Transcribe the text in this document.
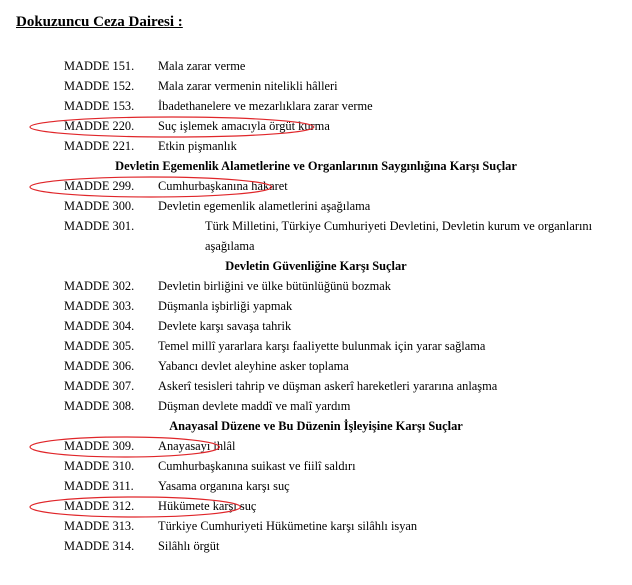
Dokuzuncu Ceza Dairesi :
MADDE 151. Mala zarar verme
MADDE 152. Mala zarar vermenin nitelikli hâlleri
MADDE 153. İbadethanelere ve mezarlıklara zarar verme
MADDE 220. Suç işlemek amacıyla örgüt kurma
MADDE 221. Etkin pişmanlık
Devletin Egemenlik Alametlerine ve Organlarının Saygınlığına Karşı Suçlar
MADDE 299. Cumhurbaşkanına hakaret
MADDE 300. Devletin egemenlik alametlerini aşağılama
MADDE 301.	Türk Milletini, Türkiye Cumhuriyeti Devletini, Devletin kurum ve organlarını
aşağılama
Devletin Güvenliğine Karşı Suçlar
MADDE 302. Devletin birliğini ve ülke bütünlüğünü bozmak
MADDE 303. Düşmanla işbirliği yapmak
MADDE 304. Devlete karşı savaşa tahrik
MADDE 305. Temel millî yararlara karşı faaliyette bulunmak için yarar sağlama
MADDE 306. Yabancı devlet aleyhine asker toplama
MADDE 307. Askerî tesisleri tahrip ve düşman askerî hareketleri yararına anlaşma
MADDE 308. Düşman devlete maddî ve malî yardım
Anayasal Düzene ve Bu Düzenin İşleyişine Karşı Suçlar
MADDE 309. Anayasayı ihlâl
MADDE 310. Cumhurbaşkanına suikast ve fiilî saldırı
MADDE 311. Yasama organına karşı suç
MADDE 312. Hükümete karşı suç
MADDE 313. Türkiye Cumhuriyeti Hükümetine karşı silâhlı isyan
MADDE 314. Silâhlı örgüt
